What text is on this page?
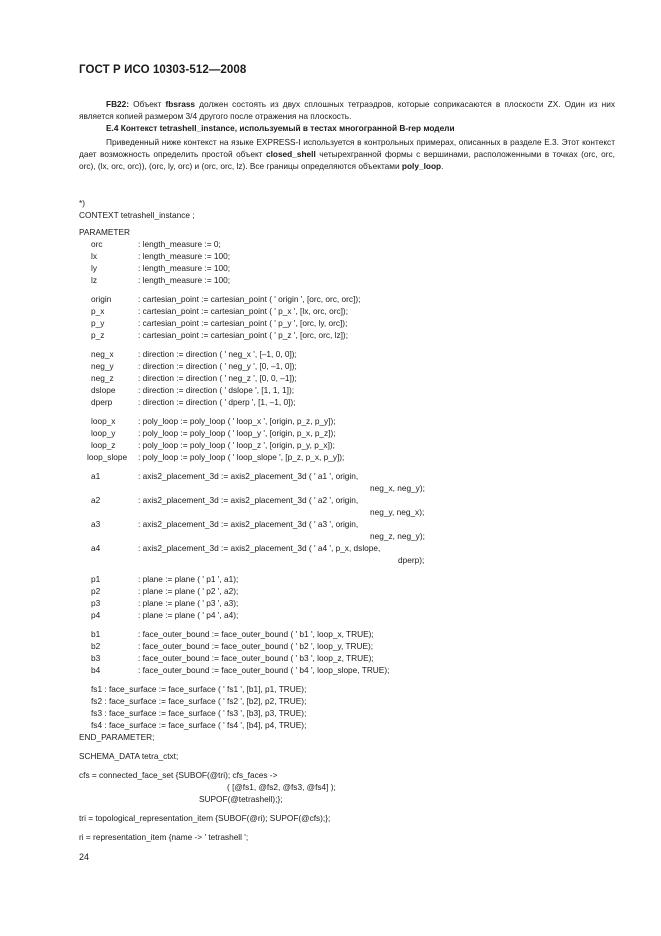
ГОСТ Р ИСО 10303-512—2008

FB22: Объект fbsrass должен состоять из двух сплошных тетраэдров, которые соприкасаются в плоскости ZX. Один из них является копией размером 3/4 другого после отражения на плоскость.

E.4 Контекст tetrashell_instance, используемый в тестах многогранной B-rep модели

Приведенный ниже контекст на языке EXPRESS-I используется в контрольных примерах, описанных в разделе E.3. Этот контекст дает возможность определить простой объект closed_shell четырехгранной формы с вершинами, расположенными в точках (orc, orc, orc), (lx, orc, orc)), (orc, ly, orc) и (orc, orc, lz). Все границы определяются объектами poly_loop.

*)
CONTEXT tetrashell_instance ;
PARAMETER
orc	: length_measure := 0;
lx	: length_measure := 100;
ly	: length_measure := 100;
lz	: length_measure := 100;
origin	: cartesian_point := cartesian_point ( ' origin ', [orc, orc, orc]);
p_x	: cartesian_point := cartesian_point ( ' p_x ', [lx, orc, orc]);
p_y	: cartesian_point := cartesian_point ( ' p_y ', [orc, ly, orc]);
p_z	: cartesian_point := cartesian_point ( ' p_z ', [orc, orc, lz]);
neg_x	: direction := direction ( ' neg_x ', [–1, 0, 0]);
neg_y	: direction := direction ( ' neg_y ', [0, –1, 0]);
neg_z	: direction := direction ( ' neg_z ', [0, 0, –1]);
dslope	: direction := direction ( ' dslope ', [1, 1, 1]);
dperp	: direction := direction ( ' dperp ', [1, –1, 0]);
loop_x	: poly_loop := poly_loop ( ' loop_x ', [origin, p_z, p_y]);
loop_y	: poly_loop := poly_loop ( ' loop_y ', [origin, p_x, p_z]);
loop_z	: poly_loop := poly_loop ( ' loop_z ', [origin, p_y, p_x]);
loop_slope : poly_loop := poly_loop ( ' loop_slope ', [p_z, p_x, p_y]);
a1	: axis2_placement_3d := axis2_placement_3d ( ' a1 ', origin,
neg_x, neg_y);
a2	: axis2_placement_3d := axis2_placement_3d ( ' a2 ', origin,
neg_y, neg_x);
a3	: axis2_placement_3d := axis2_placement_3d ( ' a3 ', origin,
neg_z, neg_y);
a4	: axis2_placement_3d := axis2_placement_3d ( ' a4 ', p_x, dslope,
dperp);
p1	: plane := plane ( ' p1 ', a1);
p2	: plane := plane ( ' p2 ', a2);
p3	: plane := plane ( ' p3 ', a3);
p4	: plane := plane ( ' p4 ', a4);
b1	: face_outer_bound := face_outer_bound ( ' b1 ', loop_x, TRUE);
b2	: face_outer_bound := face_outer_bound ( ' b2 ', loop_y, TRUE);
b3	: face_outer_bound := face_outer_bound ( ' b3 ', loop_z, TRUE);
b4	: face_outer_bound := face_outer_bound ( ' b4 ', loop_slope, TRUE);
fs1 : face_surface := face_surface ( ' fs1 ', [b1], p1, TRUE);
fs2 : face_surface := face_surface ( ' fs2 ', [b2], p2, TRUE);
fs3 : face_surface := face_surface ( ' fs3 ', [b3], p3, TRUE);
fs4 : face_surface := face_surface ( ' fs4 ', [b4], p4, TRUE);
END_PARAMETER;
SCHEMA_DATA tetra_ctxt;
cfs = connected_face_set {SUBOF(@tri); cfs_faces ->
( [@fs1, @fs2, @fs3, @fs4] );
SUPOF(@tetrashell);};
tri = topological_representation_item {SUBOF(@ri); SUPOF(@cfs);};
ri = representation_item {name -> ' tetrashell ';
24
